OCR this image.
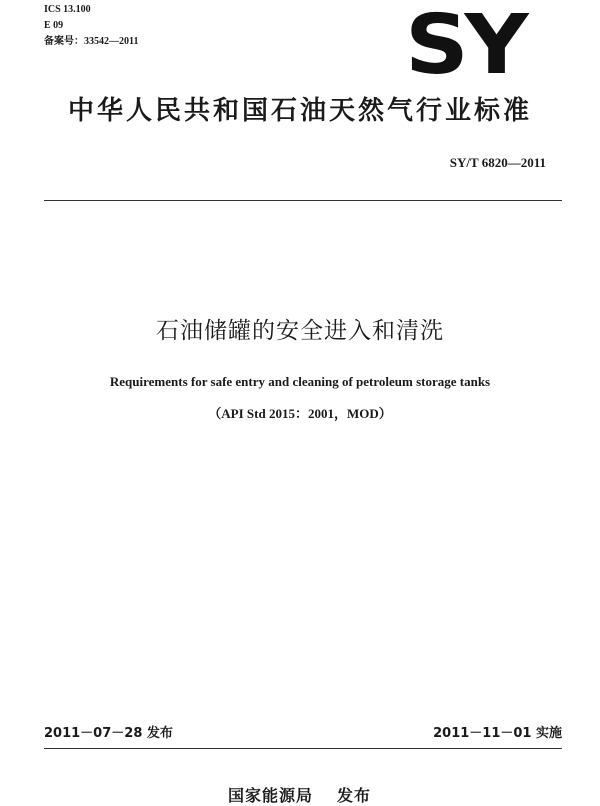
ICS 13.100
E 09
备案号：33542—2011	SY
中华人民共和国石油天然气行业标准
SY/T 6820—2011
石油储罐的安全进入和清洗
Requirements for safe entry and cleaning of petroleum storage tanks
（API Std 2015：2001，MOD）
2011－07－28 发布	2011－11－01 实施
国家能源局 发布
